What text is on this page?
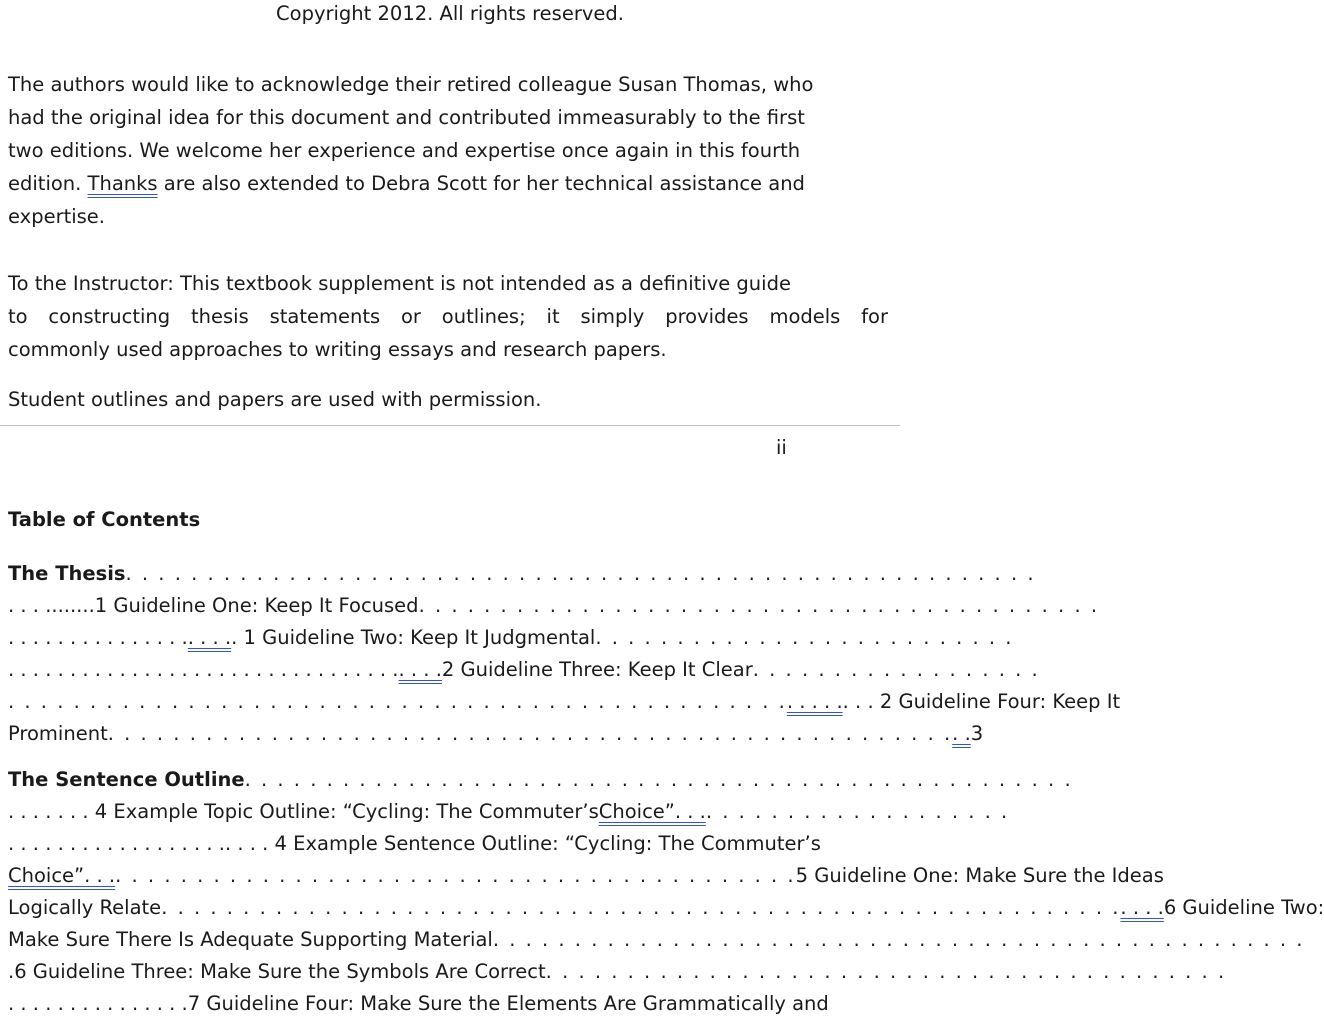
Copyright 2012. All rights reserved.
The authors would like to acknowledge their retired colleague Susan Thomas, who
had the original idea for this document and contributed immeasurably to the first
two editions. We welcome her experience and expertise once again in this fourth
edition. Thanks are also extended to Debra Scott for her technical assistance and
expertise.
To the Instructor: This textbook supplement is not intended as a definitive guide
to constructing thesis statements or outlines; it simply provides models for
commonly used approaches to writing essays and research papers.
Student outlines and papers are used with permission.
ii
Table of Contents
The Thesis . . . . . . . . . . . . . . . . . . . . . . . . . . . . . . . . . . . . . . . . . . . . . . . . . . . . . . . .
. . . ........1 Guideline One: Keep It Focused . . . . . . . . . . . . . . . . . . . . . . . . . . . . . . . . . . . . . . . . . .
. . . . . . . . . . . . . . . . . . . . 1 Guideline Two: Keep It Judgmental . . . . . . . . . . . . . . . . . . . . . . . . . .
. . . . . . . . . . . . . . . . . . . . . . . . . . . . . . . . . . . . 2 Guideline Three: Keep It Clear . . . . . . . . . . . . . . . . . .
. . . . . . . . . . . . . . . . . . . . . . . . . . . . . . . . . . . . . . . . . . . . . . . . . . . . . . . . 2 Guideline Four: Keep It
Prominent . . . . . . . . . . . . . . . . . . . . . . . . . . . . . . . . . . . . . . . . . . . . . . . . . . . . . . 3
The Sentence Outline . . . . . . . . . . . . . . . . . . . . . . . . . . . . . . . . . . . . . . . . . . . . . . . . . . .
. . . . . . . 4 Example Topic Outline: “Cycling: The Commuter’s Choice”. . . . . . . . . . . . . . . . . . . . . .
. . . . . . . . . . . . . . . . . .. . . . 4 Example Sentence Outline: “Cycling: The Commuter’s
Choice”. . . . . . . . . . . . . . . . . . . . . . . . . . . . . . . . . . . . . . . . . . . . . 5 Guideline One: Make Sure the Ideas
Logically Relate . . . . . . . . . . . . . . . . . . . . . . . . . . . . . . . . . . . . . . . . . . . . . . . . . . . . . . . . . . . . . . . 6 Guideline Two:
Make Sure There Is Adequate Supporting Material . . . . . . . . . . . . . . . . . . . . . . . . . . . . . . . . . . . . . . . . . . . . . . . . . .
.6 Guideline Three: Make Sure the Symbols Are Correct . . . . . . . . . . . . . . . . . . . . . . . . . . . . . . . . . . . . . . . . . .
. . . . . . . . . . . . . . .7 Guideline Four: Make Sure the Elements Are Grammatically and
